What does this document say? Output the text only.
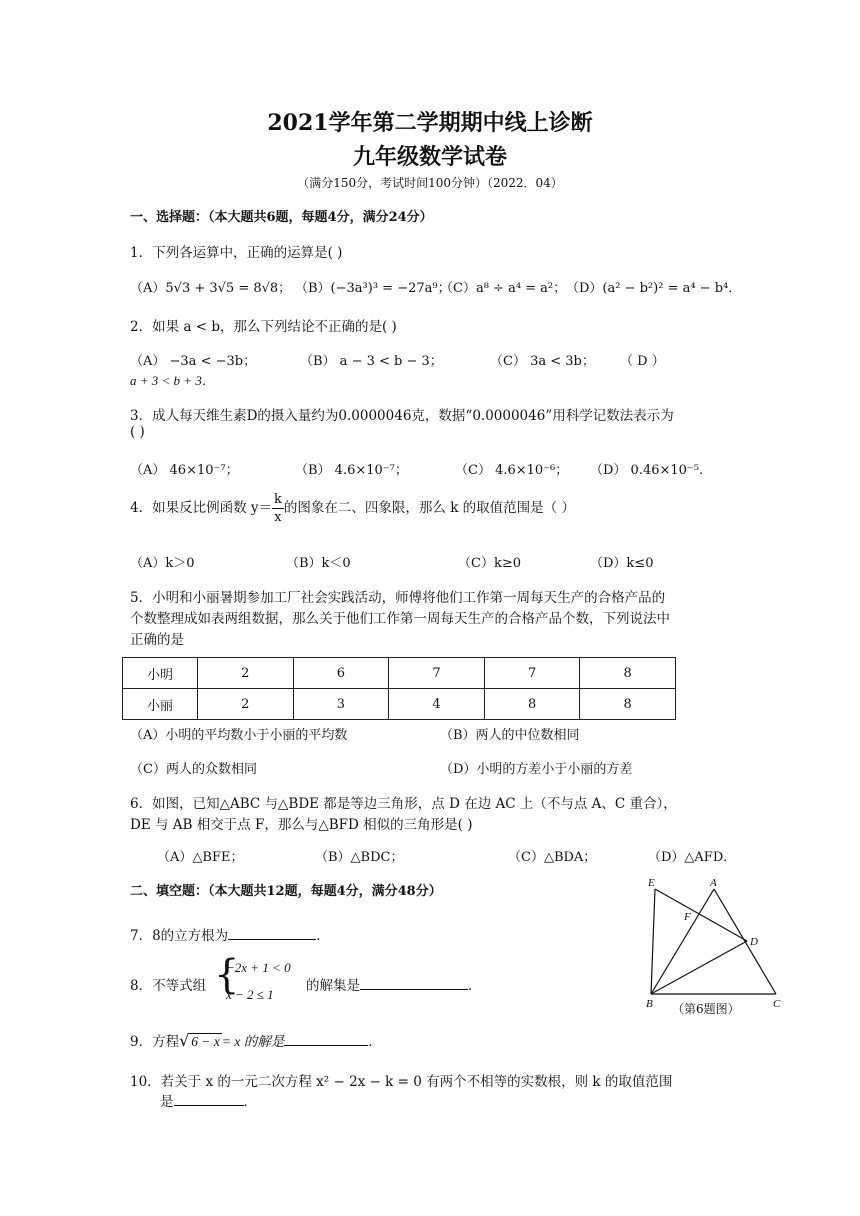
2021学年第二学期期中线上诊断
九年级数学试卷
（满分150分，考试时间100分钟）（2022．04）
一、选择题：（本大题共6题，每题4分，满分24分）
1．下列各运算中，正确的运算是( )
（A）5√3 + 3√5 = 8√8； （B）(−3a³)³ = −27a⁹；
（C）a⁸ ÷ a⁴ = a²； （D）(a² − b²)² = a⁴ − b⁴．
2．如果 a < b，那么下列结论不正确的是( )
（A） −3a < −3b；	（B） a − 3 < b − 3；	（C） 3a < 3b； （ D ）
a + 3 < b + 3．
3．成人每天维生素D的摄入量约为0.0000046克，数据“0.0000046”用科学记数法表示为
( )
（A） 46×10⁻⁷；	（B） 4.6×10⁻⁷；	（C） 4.6×10⁻⁶； （D） 0.46×10⁻⁵.
4．如果反比例函数 $y= \frac{k}{x}$ 的图象在二、四象限，那么 k 的取值范围是（ ）
（A）k＞0	（B）k＜0	（C）k≥0	（D）k≤0
5．小明和小丽暑期参加工厂社会实践活动，师傅将他们工作第一周每天生产的合格产品的
个数整理成如表两组数据，那么关于他们工作第一周每天生产的合格产品个数，下列说法中
正确的是
小明	2	6	7	7	8
小丽	2	3	4	8	8
（A）小明的平均数小于小丽的平均数	（B）两人的中位数相同
（C）两人的众数相同	（D）小明的方差小于小丽的方差
6．如图，已知△ABC 与△BDE 都是等边三角形，点 D 在边 AC 上（不与点 A、C 重合），
DE 与 AB 相交于点 F，那么与△BFD 相似的三角形是( )
（A）△BFE；	（B）△BDC；	（C）△BDA；	（D）△AFD．
二、填空题：（本大题共12题，每题4分，满分48分）
7．8的立方根为	．
8．不等式组 {
−2x + 1 < 0
x − 2 ≤ 1
的解集是	．
9．方程√ 6 − x = x 的解是	．
10．若关于 x 的一元二次方程 x² − 2x − k = 0 有两个不相等的实数根，则 k 的取值范围
是	．
E	A
F
D
B	C
（第6题图）
